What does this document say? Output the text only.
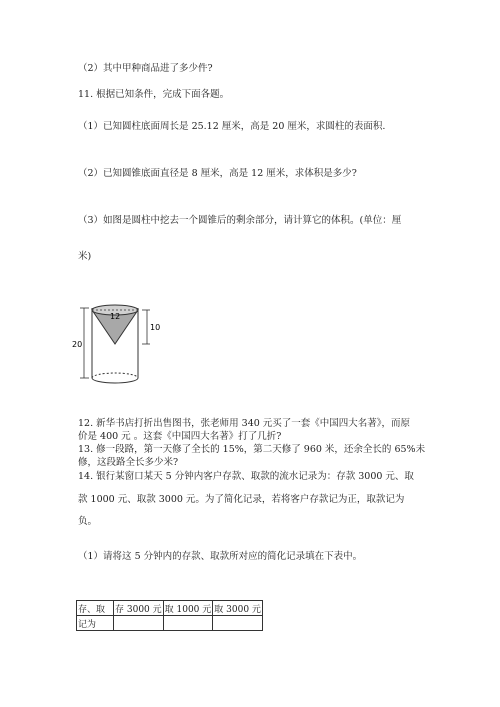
（2）其中甲种商品进了多少件?
11. 根据已知条件，完成下面各题。
（1）已知圆柱底面周长是 25.12 厘米，高是 20 厘米，求圆柱的表面积.
（2）已知圆锥底面直径是 8 厘米，高是 12 厘米，求体积是多少?
（3）如图是圆柱中挖去一个圆锥后的剩余部分，请计算它的体积。(单位：厘
米)
12
10
20
12. 新华书店打折出售图书，张老师用 340 元买了一套《中国四大名著》，而原
价是 400 元 。这套《中国四大名著》打了几折?
13. 修一段路，第一天修了全长的 15%，第二天修了 960 米，还余全长的 65%未
修，这段路全长多少米?
14. 银行某窗口某天 5 分钟内客户存款、取款的流水记录为：存款 3000 元、取
款 1000 元、取款 3000 元。为了简化记录，若将客户存款记为正，取款记为
负。
（1）请将这 5 分钟内的存款、取款所对应的简化记录填在下表中。
存、取	存 3000 元	取 1000 元	取 3000 元
记为			
